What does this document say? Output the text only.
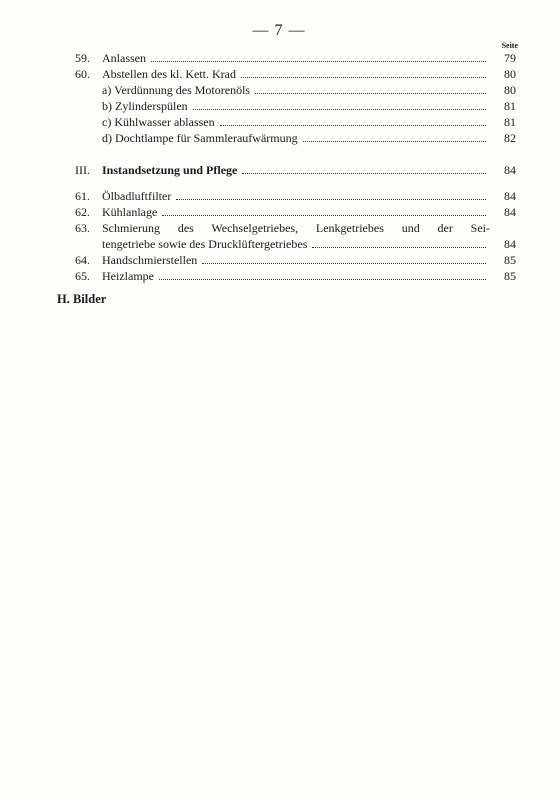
— 7 —
Seite
59.	Anlassen	79
60.	Abstellen des kl. Kett. Krad	80
a) Verdünnung des Motorenöls	80
b) Zylinderspülen	81
c) Kühlwasser ablassen	81
d) Dochtlampe für Sammleraufwärmung	82
III.	Instandsetzung und Pflege	84
61.	Ölbadluftfilter	84
62.	Kühlanlage	84
63.	Schmierung des Wechselgetriebes, Lenkgetriebes und der Sei-
tengetriebe sowie des Drucklüftergetriebes	84
64.	Handschmierstellen	85
65.	Heizlampe	85
H. Bilder
